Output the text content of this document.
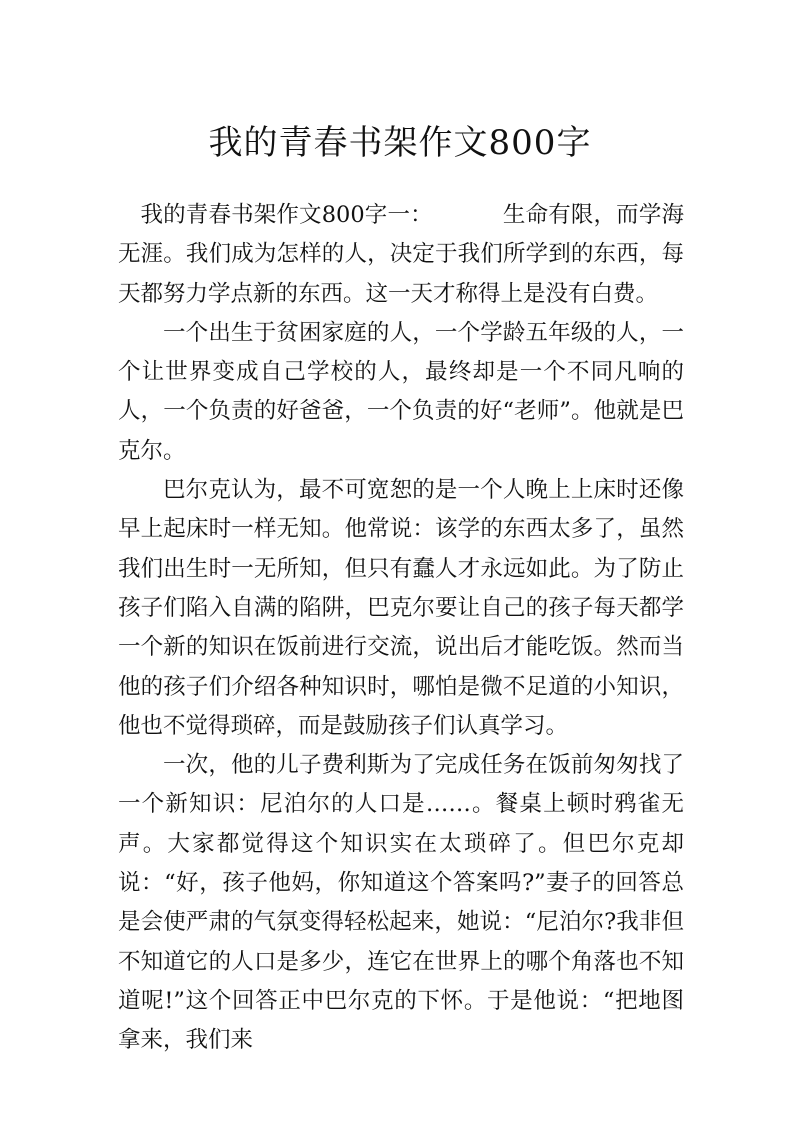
我的青春书架作文800字

我的青春书架作文800字一：	生命有限，而学海无涯。我们成为怎样的人，决定于我们所学到的东西，每天都努力学点新的东西。这一天才称得上是没有白费。

一个出生于贫困家庭的人，一个学龄五年级的人，一个让世界变成自己学校的人，最终却是一个不同凡响的人，一个负责的好爸爸，一个负责的好“老师”。他就是巴克尔。

巴尔克认为，最不可宽恕的是一个人晚上上床时还像早上起床时一样无知。他常说：该学的东西太多了，虽然我们出生时一无所知，但只有蠢人才永远如此。为了防止孩子们陷入自满的陷阱，巴克尔要让自己的孩子每天都学一个新的知识在饭前进行交流，说出后才能吃饭。然而当他的孩子们介绍各种知识时，哪怕是微不足道的小知识，他也不觉得琐碎，而是鼓励孩子们认真学习。

一次，他的儿子费利斯为了完成任务在饭前匆匆找了一个新知识：尼泊尔的人口是……。餐桌上顿时鸦雀无声。大家都觉得这个知识实在太琐碎了。但巴尔克却说：“好，孩子他妈，你知道这个答案吗?”妻子的回答总是会使严肃的气氛变得轻松起来，她说：“尼泊尔?我非但不知道它的人口是多少，连它在世界上的哪个角落也不知道呢!”这个回答正中巴尔克的下怀。于是他说：“把地图拿来，我们来
